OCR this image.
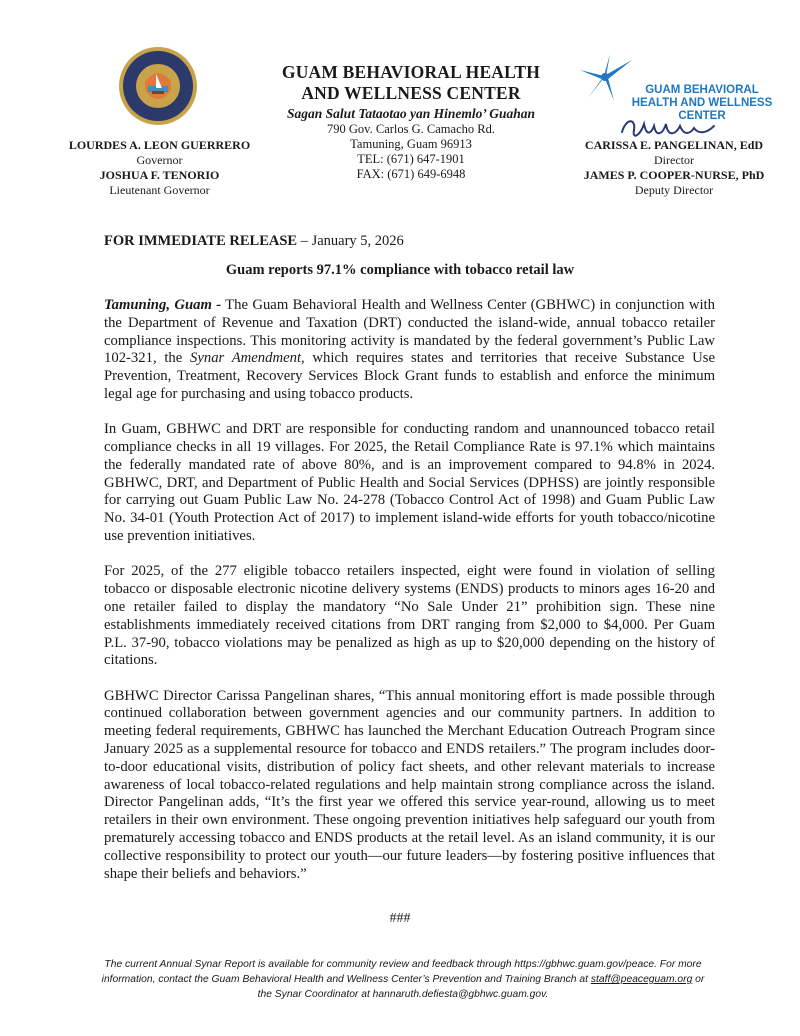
LOURDES A. LEON GUERRERO
Governor
JOSHUA F. TENORIO
Lieutenant Governor
GUAM BEHAVIORAL HEALTH
AND WELLNESS CENTER
Sagan Salut Tataotao yan Hinemlo’ Guahan
790 Gov. Carlos G. Camacho Rd.
Tamuning, Guam 96913
TEL: (671) 647-1901
FAX: (671) 649-6948
GUAM BEHAVIORAL
HEALTH AND WELLNESS
CENTER
CARISSA E. PANGELINAN, EdD
Director
JAMES P. COOPER-NURSE, PhD
Deputy Director
FOR IMMEDIATE RELEASE – January 5, 2026
Guam reports 97.1% compliance with tobacco retail law

Tamuning, Guam - The Guam Behavioral Health and Wellness Center (GBHWC) in conjunction with the Department of Revenue and Taxation (DRT) conducted the island-wide, annual tobacco retailer compliance inspections. This monitoring activity is mandated by the federal government’s Public Law 102-321, the Synar Amendment, which requires states and territories that receive Substance Use Prevention, Treatment, Recovery Services Block Grant funds to establish and enforce the minimum legal age for purchasing and using tobacco products.

In Guam, GBHWC and DRT are responsible for conducting random and unannounced tobacco retail compliance checks in all 19 villages. For 2025, the Retail Compliance Rate is 97.1% which maintains the federally mandated rate of above 80%, and is an improvement compared to 94.8% in 2024. GBHWC, DRT, and Department of Public Health and Social Services (DPHSS) are jointly responsible for carrying out Guam Public Law No. 24-278 (Tobacco Control Act of 1998) and Guam Public Law No. 34-01 (Youth Protection Act of 2017) to implement island-wide efforts for youth tobacco/nicotine use prevention initiatives.

For 2025, of the 277 eligible tobacco retailers inspected, eight were found in violation of selling tobacco or disposable electronic nicotine delivery systems (ENDS) products to minors ages 16-20 and one retailer failed to display the mandatory “No Sale Under 21” prohibition sign. These nine establishments immediately received citations from DRT ranging from $2,000 to $4,000. Per Guam P.L. 37-90, tobacco violations may be penalized as high as up to $20,000 depending on the history of citations.

GBHWC Director Carissa Pangelinan shares, “This annual monitoring effort is made possible through continued collaboration between government agencies and our community partners. In addition to meeting federal requirements, GBHWC has launched the Merchant Education Outreach Program since January 2025 as a supplemental resource for tobacco and ENDS retailers.” The program includes door-to-door educational visits, distribution of policy fact sheets, and other relevant materials to increase awareness of local tobacco-related regulations and help maintain strong compliance across the island. Director Pangelinan adds, “It’s the first year we offered this service year-round, allowing us to meet retailers in their own environment. These ongoing prevention initiatives help safeguard our youth from prematurely accessing tobacco and ENDS products at the retail level. As an island community, it is our collective responsibility to protect our youth—our future leaders—by fostering positive influences that shape their beliefs and behaviors.”

###
The current Annual Synar Report is available for community review and feedback through https://gbhwc.guam.gov/peace. For more information, contact the Guam Behavioral Health and Wellness Center’s Prevention and Training Branch at staff@peaceguam.org or the Synar Coordinator at hannaruth.defiesta@gbhwc.guam.gov.
